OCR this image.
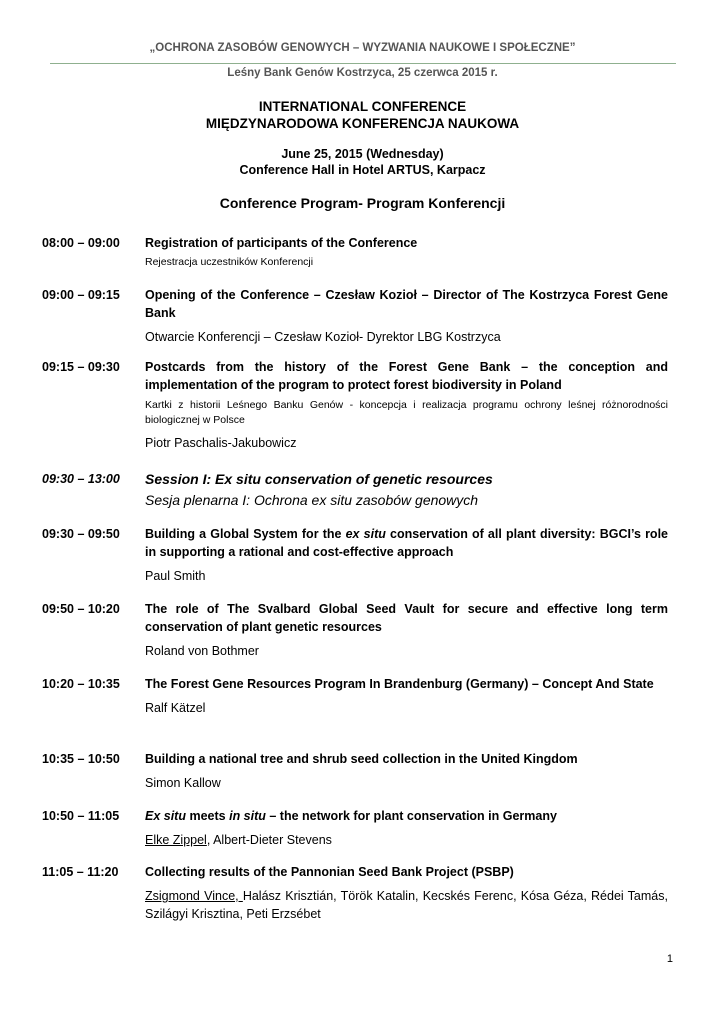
„OCHRONA ZASOBÓW GENOWYCH – WYZWANIA NAUKOWE I SPOŁECZNE”
Leśny Bank Genów Kostrzyca, 25 czerwca 2015 r.
INTERNATIONAL CONFERENCE
MIĘDZYNARODOWA KONFERENCJA NAUKOWA
June 25, 2015 (Wednesday)
Conference Hall in Hotel ARTUS, Karpacz
Conference Program- Program Konferencji
08:00 – 09:00	Registration of participants of the Conference
Rejestracja uczestników Konferencji
09:00 – 09:15	Opening of the Conference – Czesław Kozioł – Director of The Kostrzyca Forest Gene Bank
Otwarcie Konferencji – Czesław Kozioł- Dyrektor LBG Kostrzyca
09:15 – 09:30	Postcards from the history of the Forest Gene Bank – the conception and implementation of the program to protect forest biodiversity in Poland
Kartki z historii Leśnego Banku Genów - koncepcja i realizacja programu ochrony leśnej różnorodności biologicznej w Polsce
Piotr Paschalis-Jakubowicz
09:30 – 13:00	Session I: Ex situ conservation of genetic resources
Sesja plenarna I: Ochrona ex situ zasobów genowych
09:30 – 09:50	Building a Global System for the ex situ conservation of all plant diversity: BGCI’s role in supporting a rational and cost-effective approach
Paul Smith
09:50 – 10:20	The role of The Svalbard Global Seed Vault for secure and effective long term conservation of plant genetic resources
Roland von Bothmer
10:20 – 10:35	The Forest Gene Resources Program In Brandenburg (Germany) – Concept And State
Ralf Kätzel
10:35 – 10:50	Building a national tree and shrub seed collection in the United Kingdom
Simon Kallow
10:50 – 11:05	Ex situ meets in situ – the network for plant conservation in Germany
Elke Zippel, Albert-Dieter Stevens
11:05 – 11:20	Collecting results of the Pannonian Seed Bank Project (PSBP)
Zsigmond Vince, Halász Krisztián, Török Katalin, Kecskés Ferenc, Kósa Géza, Rédei Tamás, Szilágyi Krisztina, Peti Erzsébet
1
